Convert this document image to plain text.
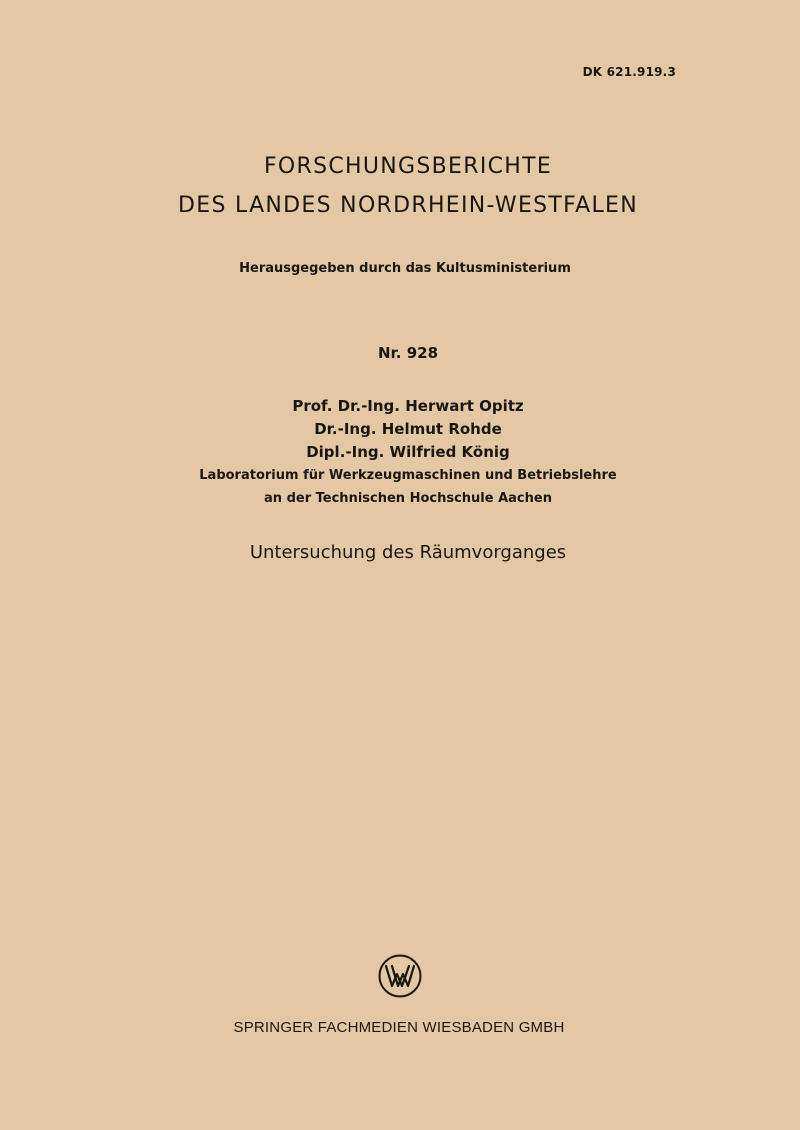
DK 621.919.3
FORSCHUNGSBERICHTE
DES LANDES NORDRHEIN-WESTFALEN
Herausgegeben durch das Kultusministerium
Nr. 928
Prof. Dr.-Ing. Herwart Opitz
Dr.-Ing. Helmut Rohde
Dipl.-Ing. Wilfried König
Laboratorium für Werkzeugmaschinen und Betriebslehre
an der Technischen Hochschule Aachen
Untersuchung des Räumvorganges
SPRINGER FACHMEDIEN WIESBADEN GMBH
